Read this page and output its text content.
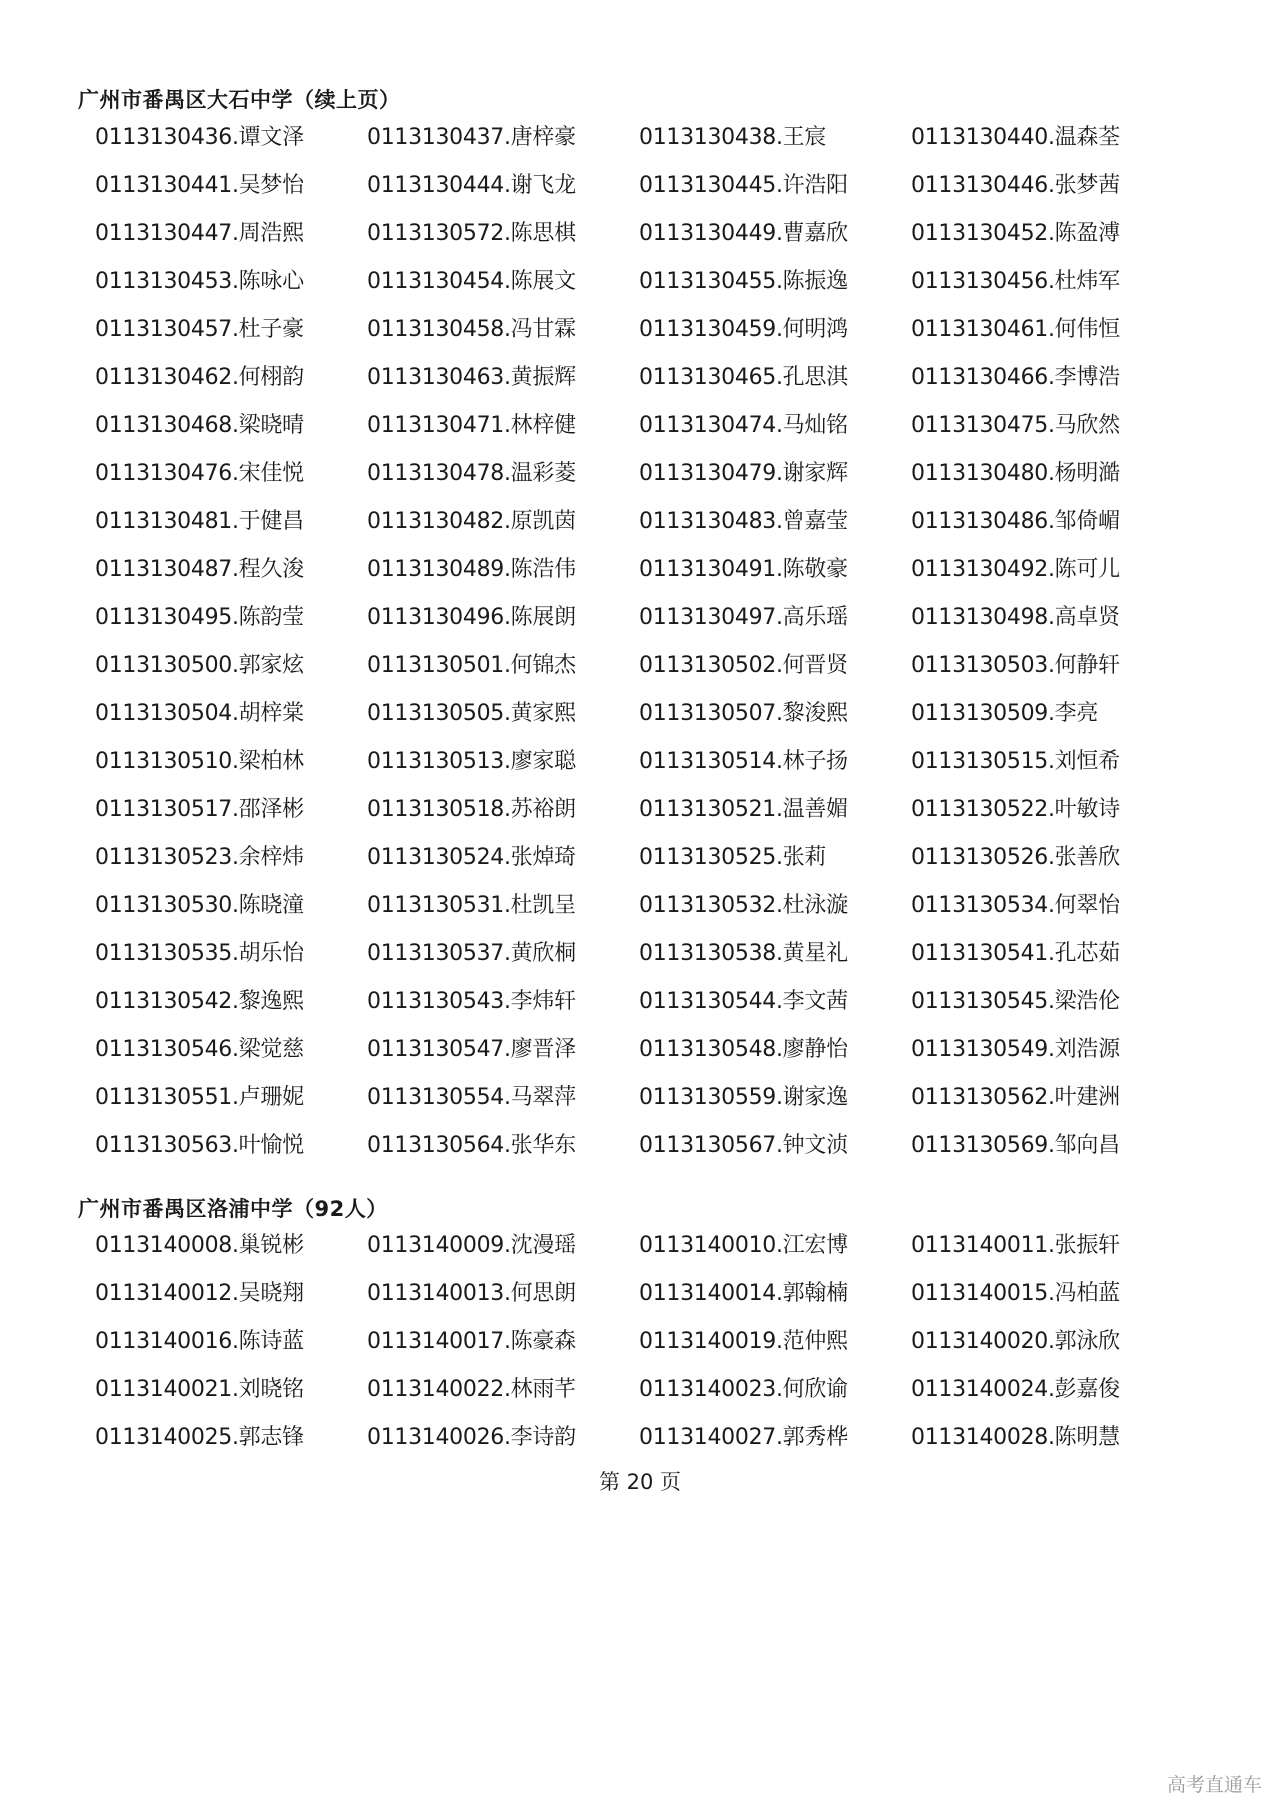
广州市番禺区大石中学（续上页）
0113130436.谭文泽	0113130437.唐梓豪	0113130438.王宸	0113130440.温森荃
0113130441.吴梦怡	0113130444.谢飞龙	0113130445.许浩阳	0113130446.张梦茜
0113130447.周浩熙	0113130572.陈思棋	0113130449.曹嘉欣	0113130452.陈盈溥
0113130453.陈咏心	0113130454.陈展文	0113130455.陈振逸	0113130456.杜炜军
0113130457.杜子豪	0113130458.冯甘霖	0113130459.何明鸿	0113130461.何伟恒
0113130462.何栩韵	0113130463.黄振辉	0113130465.孔思淇	0113130466.李博浩
0113130468.梁晓晴	0113130471.林梓健	0113130474.马灿铭	0113130475.马欣然
0113130476.宋佳悦	0113130478.温彩菱	0113130479.谢家辉	0113130480.杨明澔
0113130481.于健昌	0113130482.原凯茵	0113130483.曾嘉莹	0113130486.邹倚嵋
0113130487.程久浚	0113130489.陈浩伟	0113130491.陈敬豪	0113130492.陈可儿
0113130495.陈韵莹	0113130496.陈展朗	0113130497.高乐瑶	0113130498.高卓贤
0113130500.郭家炫	0113130501.何锦杰	0113130502.何晋贤	0113130503.何静轩
0113130504.胡梓棠	0113130505.黄家熙	0113130507.黎浚熙	0113130509.李亮
0113130510.梁柏林	0113130513.廖家聪	0113130514.林子扬	0113130515.刘恒希
0113130517.邵泽彬	0113130518.苏裕朗	0113130521.温善媚	0113130522.叶敏诗
0113130523.余梓炜	0113130524.张焯琦	0113130525.张莉	0113130526.张善欣
0113130530.陈晓潼	0113130531.杜凯呈	0113130532.杜泳漩	0113130534.何翠怡
0113130535.胡乐怡	0113130537.黄欣桐	0113130538.黄星礼	0113130541.孔芯茹
0113130542.黎逸熙	0113130543.李炜轩	0113130544.李文茜	0113130545.梁浩伦
0113130546.梁觉慈	0113130547.廖晋泽	0113130548.廖静怡	0113130549.刘浩源
0113130551.卢珊妮	0113130554.马翠萍	0113130559.谢家逸	0113130562.叶建洲
0113130563.叶愉悦	0113130564.张华东	0113130567.钟文浈	0113130569.邹向昌
广州市番禺区洛浦中学（92人）
0113140008.巢锐彬	0113140009.沈漫瑶	0113140010.江宏博	0113140011.张振轩
0113140012.吴晓翔	0113140013.何思朗	0113140014.郭翰楠	0113140015.冯柏蓝
0113140016.陈诗蓝	0113140017.陈豪森	0113140019.范仲熙	0113140020.郭泳欣
0113140021.刘晓铭	0113140022.林雨芊	0113140023.何欣谕	0113140024.彭嘉俊
0113140025.郭志锋	0113140026.李诗韵	0113140027.郭秀桦	0113140028.陈明慧
第 20 页
高考直通车
